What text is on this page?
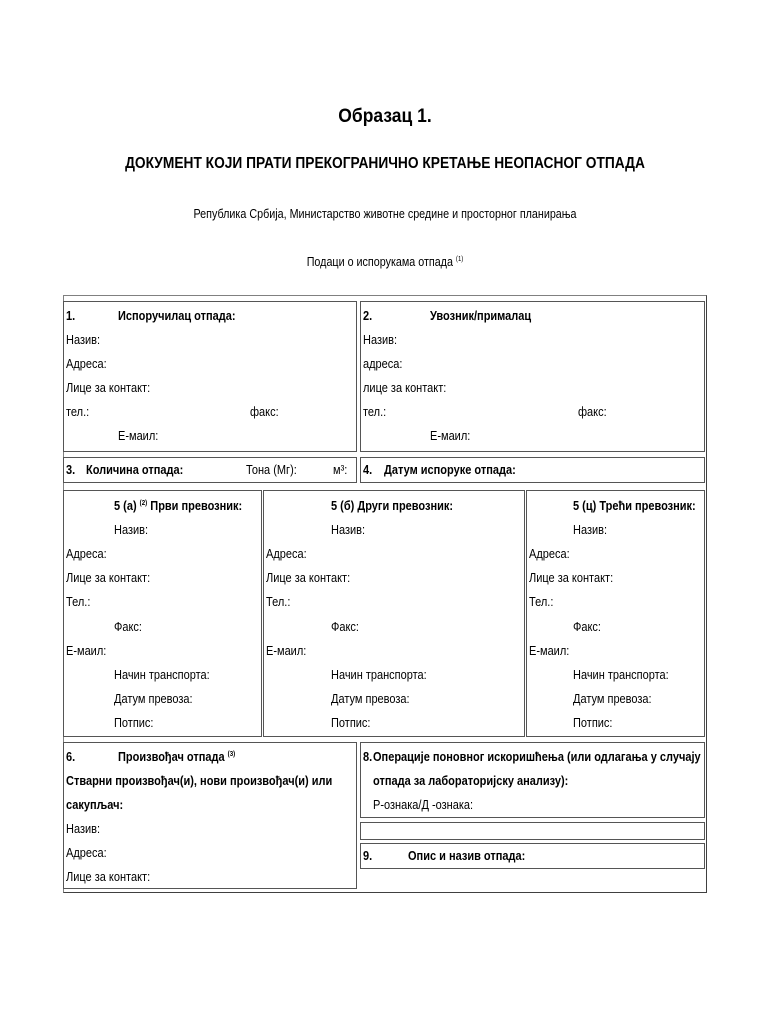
Образац 1.
ДОКУМЕНТ КОЈИ ПРАТИ ПРЕКОГРАНИЧНО КРЕТАЊЕ НЕОПАСНОГ ОТПАДА
Република Србија, Министарство животне средине и просторног планирања
Подаци о испорукама отпада $^{(1)}$
1.	Испоручилац отпада:
Назив:
Адреса:
Лице за контакт:
тел.:	факс:
Е-маил:
2.	Увозник/прималац
Назив:
адреса:
лице за контакт:
тел.:	факс:
Е-маил:
3. Количина отпада:	Тона (Мг):	м³: 4. Датум испоруке отпада:
5 (а) $^{(2)}$ Први превозник:
Назив:
Адреса:
Лице за контакт:
Тел.:
Факс:
Е-маил:
Начин транспорта:
Датум превоза:
Потпис:
5 (б) Други превозник:
Назив:
Адреса:
Лице за контакт:
Тел.:
Факс:
Е-маил:
Начин транспорта:
Датум превоза:
Потпис:
5 (ц) Трећи превозник:
Назив:
Адреса:
Лице за контакт:
Тел.:
Факс:
Е-маил:
Начин транспорта:
Датум превоза:
Потпис:
6.	Произвођач отпада $^{(3)}$
Стварни произвођач(и), нови произвођач(и) или
сакупљач:
Назив:
Адреса:
Лице за контакт:
8. Операције поновног искоришћења (или одлагања у случају
отпада за лабораторијску анализу):
Р-ознака/Д -ознака:
9.	Опис и назив отпада:
